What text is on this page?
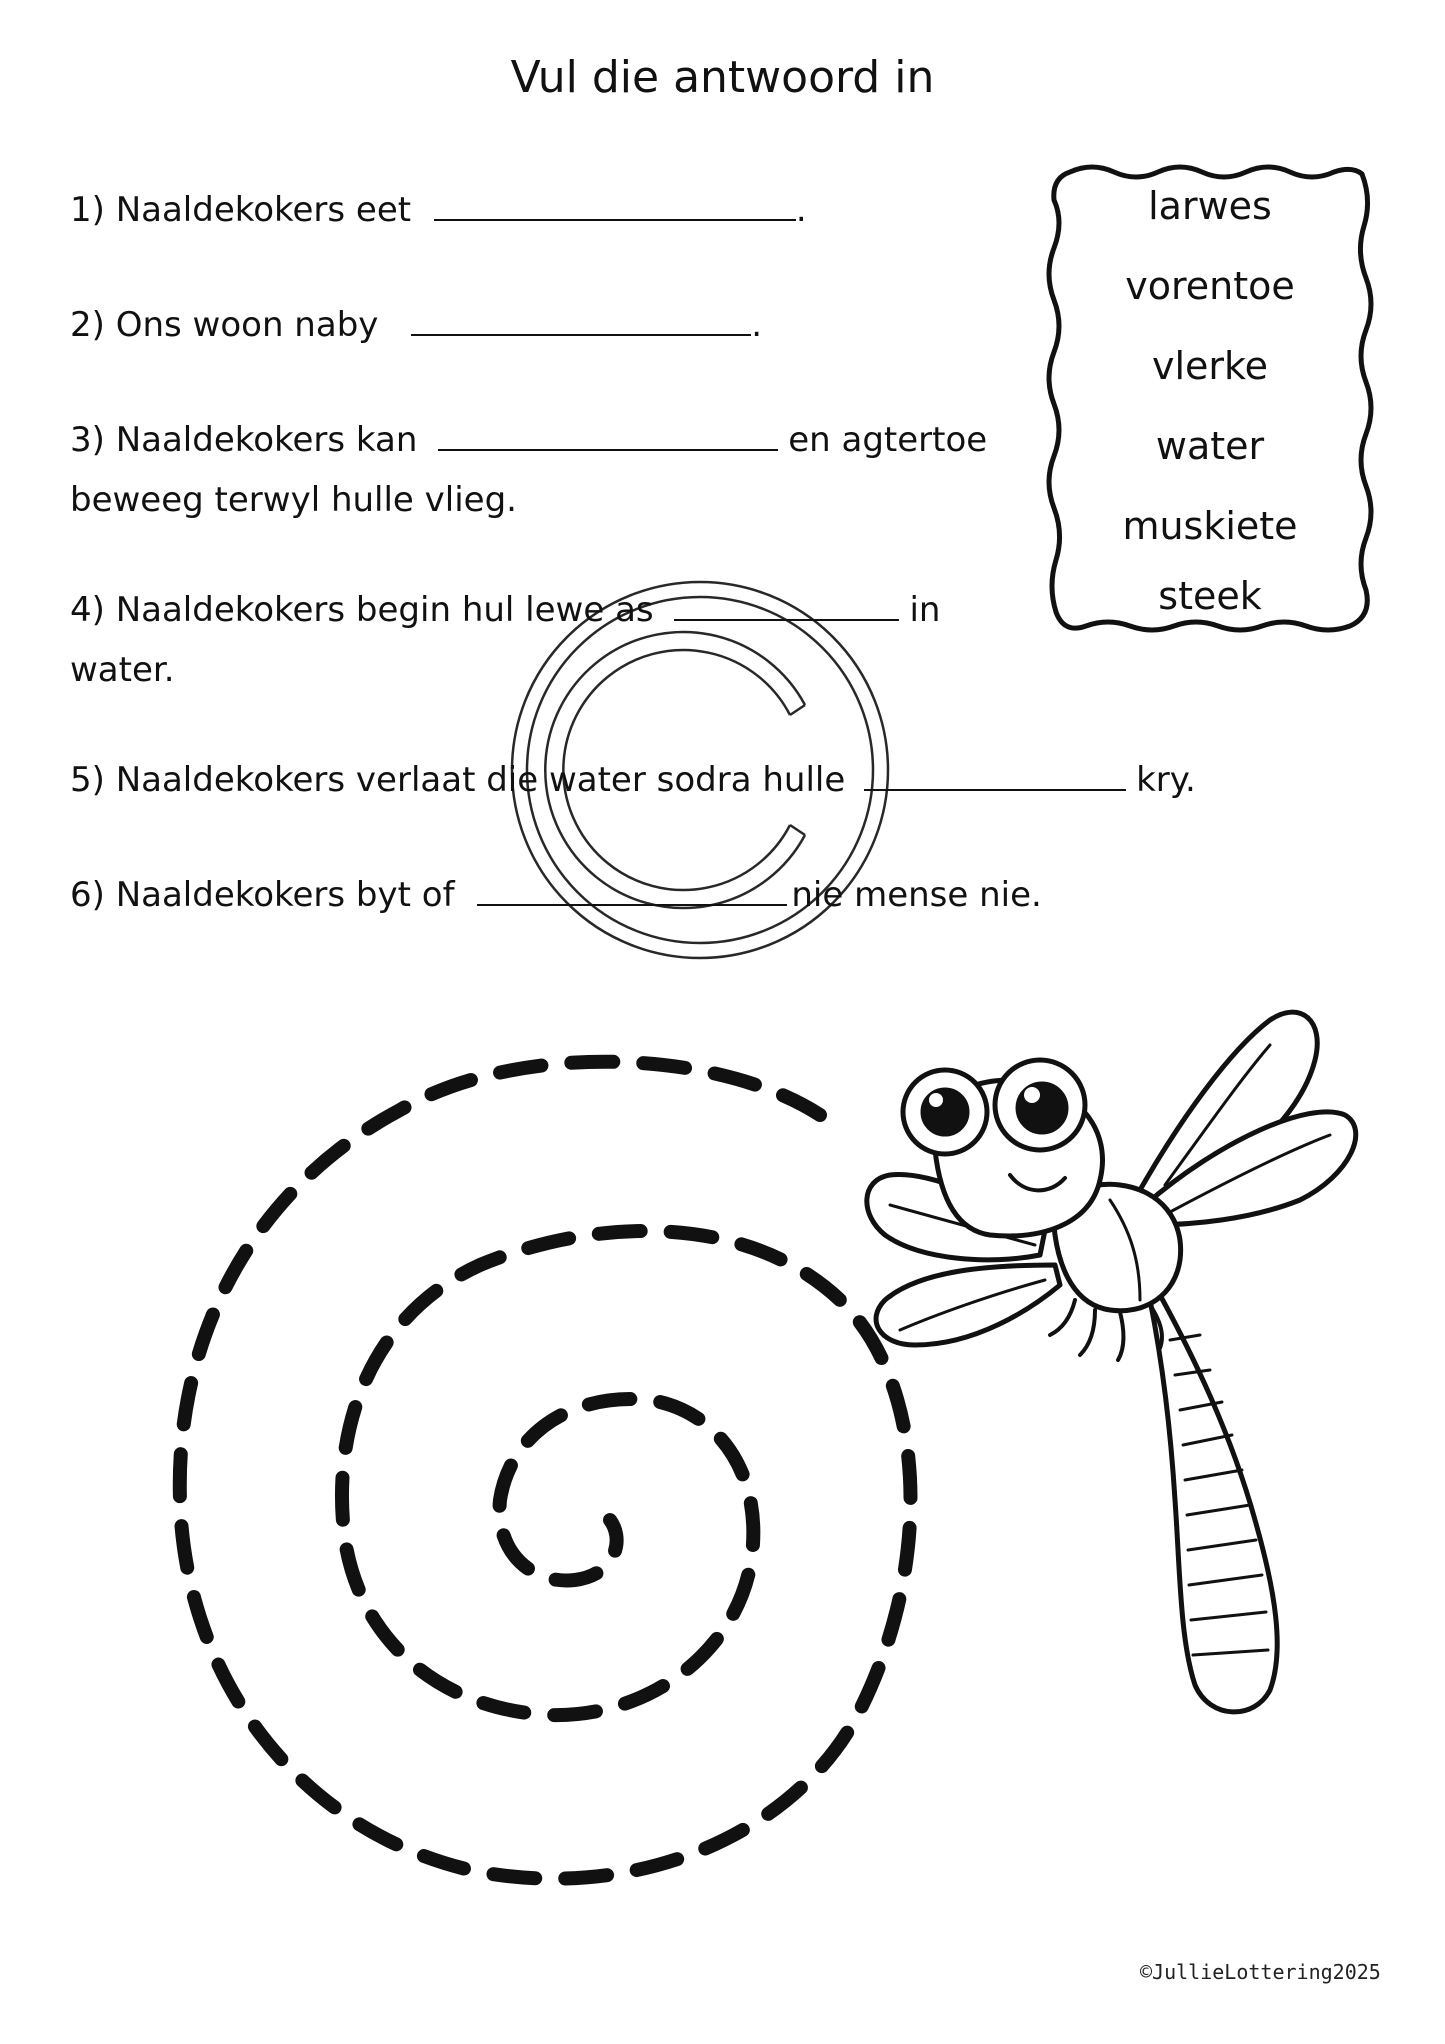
Vul die antwoord in
1) Naaldekokers eet	.
2) Ons woon naby	.
3) Naaldekokers kan	en agtertoe
beweeg terwyl hulle vlieg.
4) Naaldekokers begin hul lewe as	in
water.
5) Naaldekokers verlaat die water sodra hulle	kry.
6) Naaldekokers byt of	nie mense nie.
larwes
vorentoe
vlerke
water
muskiete
steek
©JullieLottering2025
